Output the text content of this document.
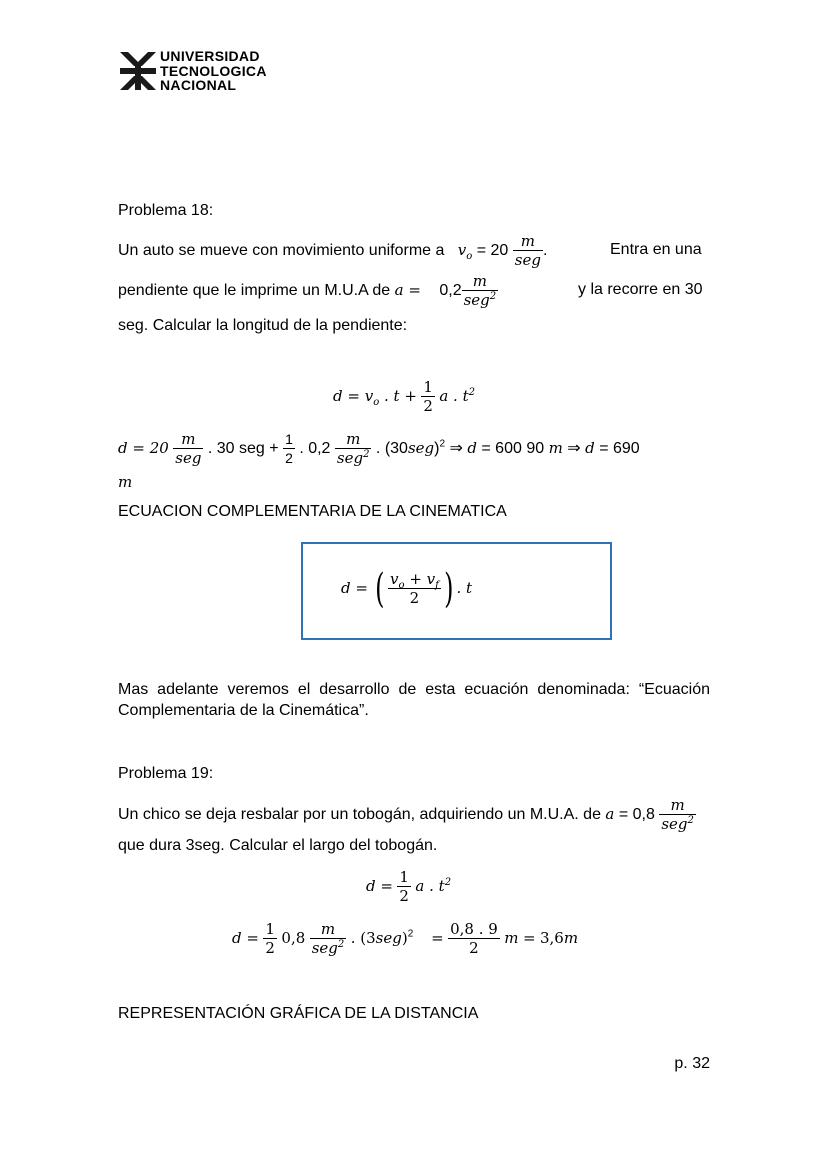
UNIVERSIDAD
TECNOLOGICA
NACIONAL
Problema 18:
Un auto se mueve con movimiento uniforme a $v_o = 20 \frac{m}{\text{seg}}$ .	Entra en una
pendiente que le imprime un M.U.A de $a = 0,2 \frac{m}{seg^2}$	y la recorre en 30
seg. Calcular la longitud de la pendiente:
$d = v_o$ . $t + \frac{1}{2}$ a . $t^2$
$d = 20 \frac{m}{\text{seg}}$ . 30 seg + $\frac{1}{2}$ . $0,2 \frac{m}{seg^2}$ . $(30seg)^2$ ⇒ d = 600 90 m ⇒ d = 690
m
ECUACION COMPLEMENTARIA DE LA CINEMATICA
d = ( $\frac{v_o + v_f}{2}$ ) . t
Mas adelante veremos el desarrollo de esta ecuación denominada: “Ecuación
Complementaria de la Cinemática”.
Problema 19:
Un chico se deja resbalar por un tobogán, adquiriendo un M.U.A. de $a = 0,8 \frac{m}{seg^2}$
que dura 3seg. Calcular el largo del tobogán.
$d = \frac{1}{2}$ a . $t^2$
$d = \frac{1}{2} 0,8 \frac{m}{seg^2}$ . $(3seg)^2 = \frac{0,8 . 9}{2}$ m = 3,6m
REPRESENTACIÓN GRÁFICA DE LA DISTANCIA
p. 32
